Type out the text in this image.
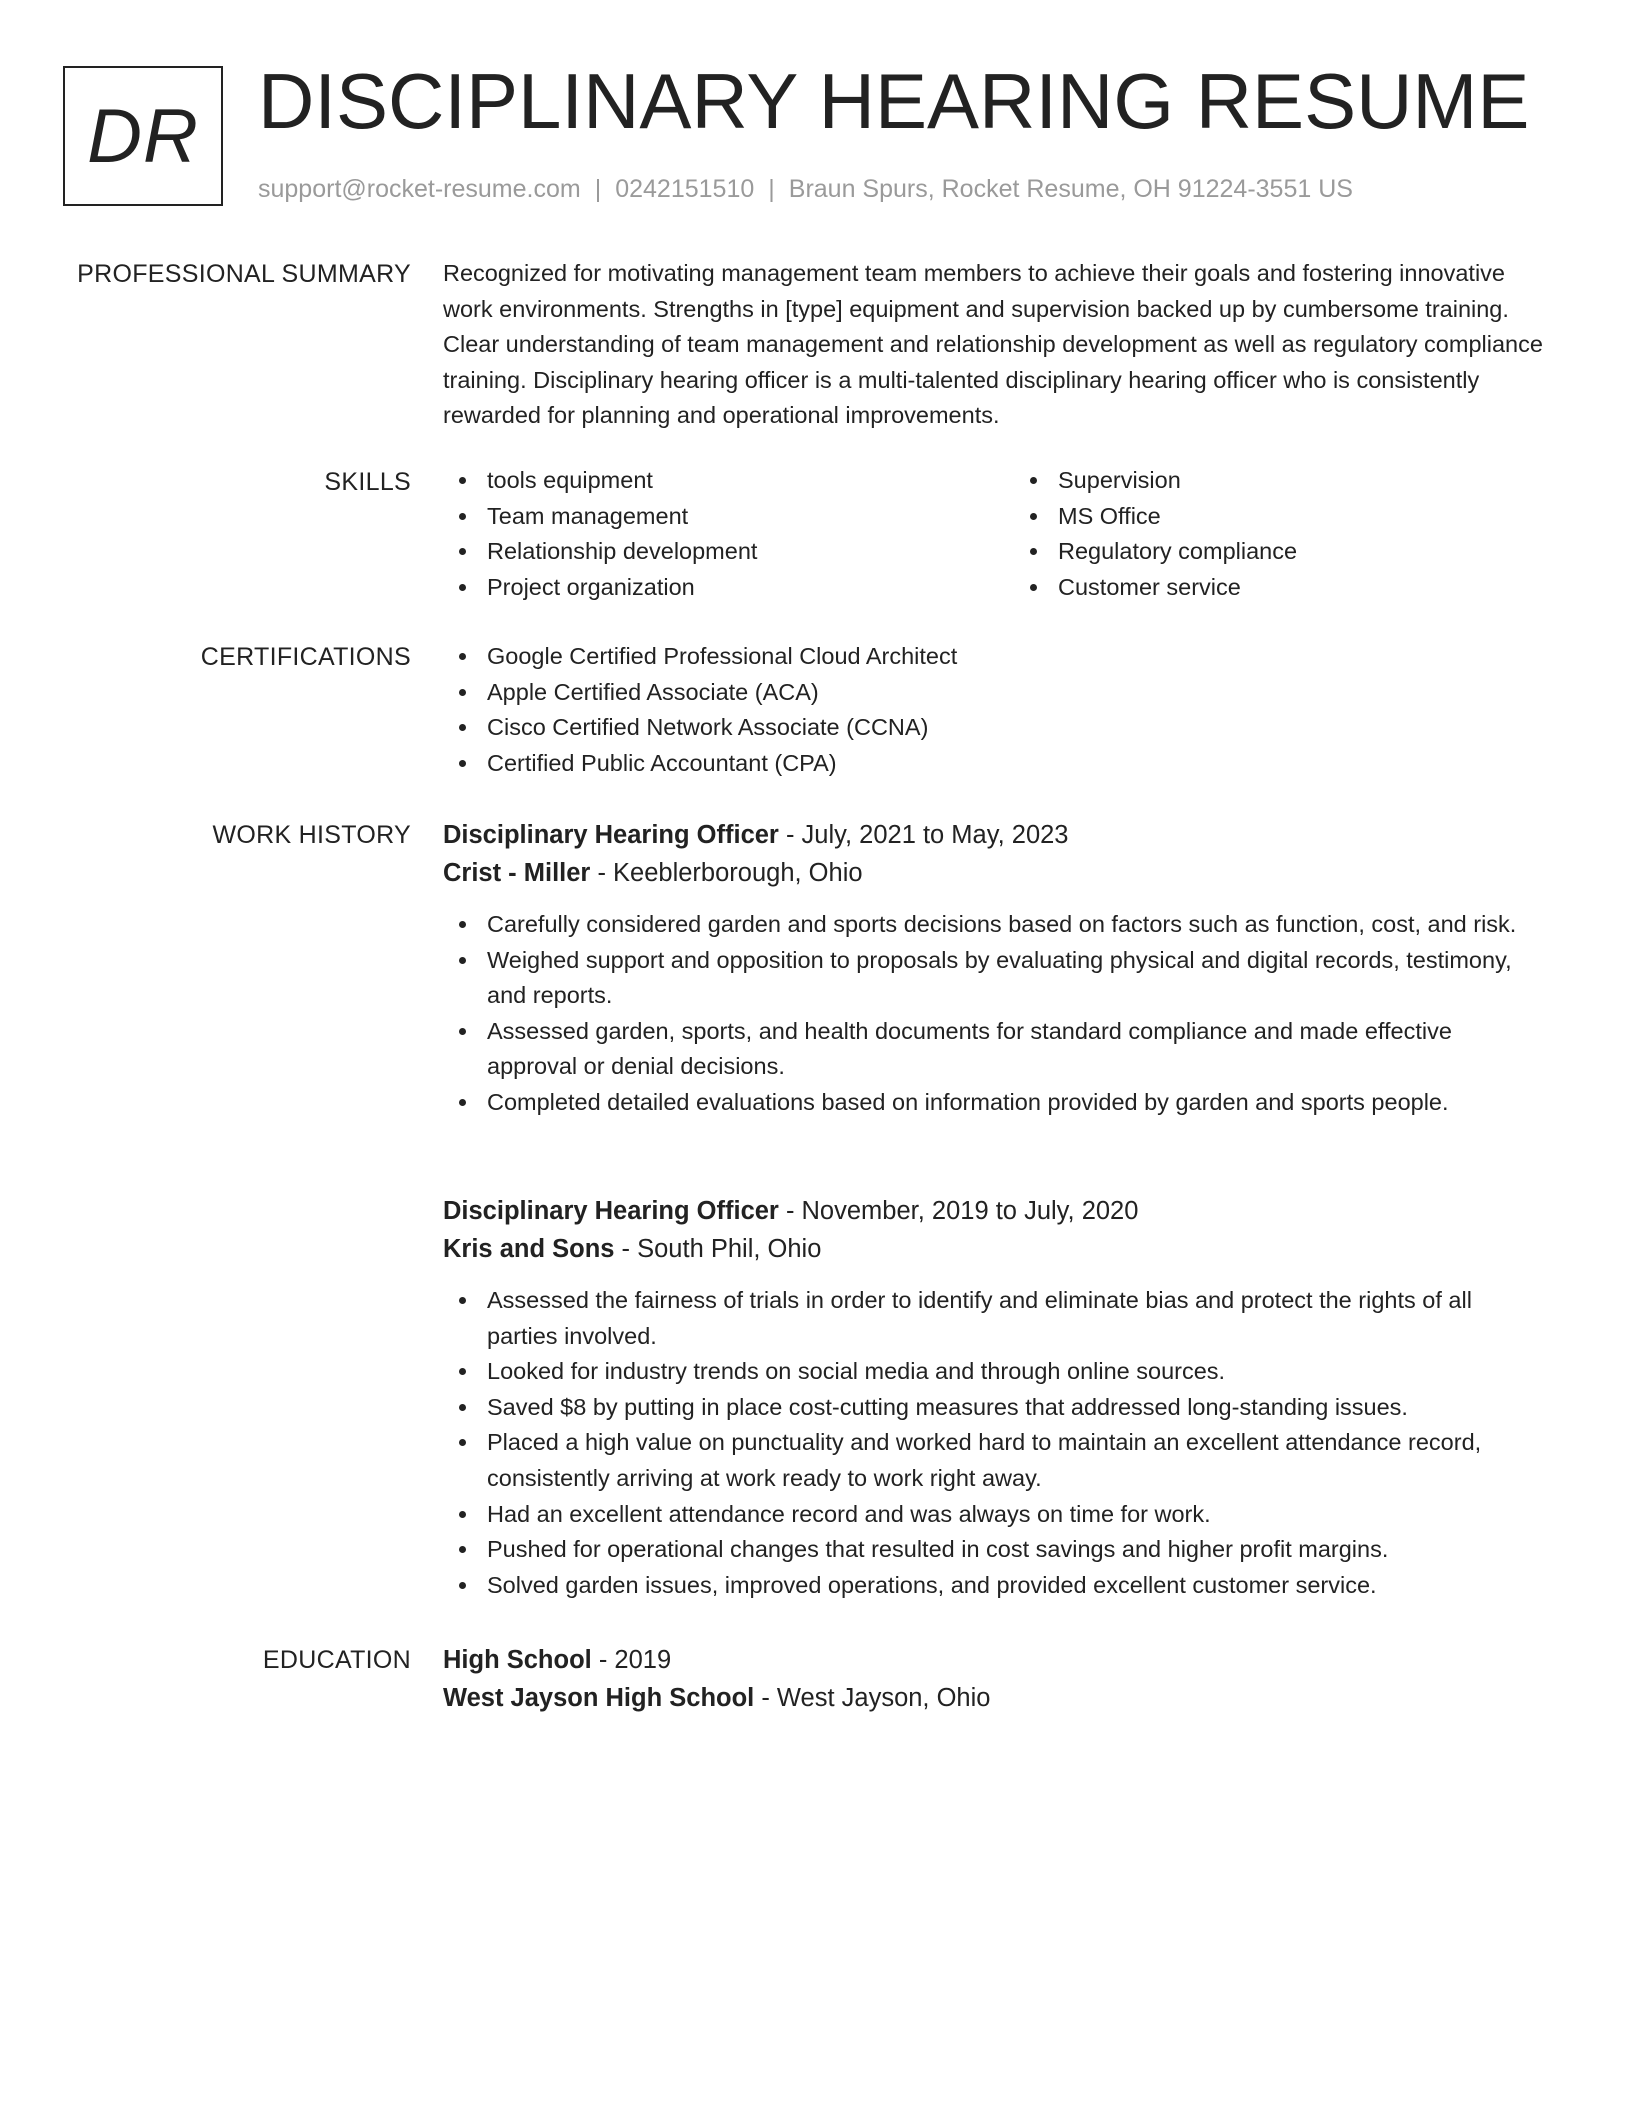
DR DISCIPLINARY HEARING RESUME
support@rocket-resume.com | 0242151510 | Braun Spurs, Rocket Resume, OH 91224-3551 US
PROFESSIONAL SUMMARY Recognized for motivating management team members to achieve their goals and fostering innovative work environments. Strengths in [type] equipment and supervision backed up by cumbersome training. Clear understanding of team management and relationship development as well as regulatory compliance training. Disciplinary hearing officer is a multi-talented disciplinary hearing officer who is consistently rewarded for planning and operational improvements.

SKILLS	tools equipment
Team management
Relationship development
Project organization
Supervision
MS Office
Regulatory compliance
Customer service
CERTIFICATIONS	Google Certified Professional Cloud Architect
Apple Certified Associate (ACA)
Cisco Certified Network Associate (CCNA)
Certified Public Accountant (CPA)
WORK HISTORY Disciplinary Hearing Officer - July, 2021 to May, 2023
Crist - Miller - Keeblerborough, Ohio
Carefully considered garden and sports decisions based on factors such as function, cost, and risk.
Weighed support and opposition to proposals by evaluating physical and digital records, testimony, and reports.
Assessed garden, sports, and health documents for standard compliance and made effective approval or denial decisions.
Completed detailed evaluations based on information provided by garden and sports people.
Disciplinary Hearing Officer - November, 2019 to July, 2020
Kris and Sons - South Phil, Ohio
Assessed the fairness of trials in order to identify and eliminate bias and protect the rights of all parties involved.
Looked for industry trends on social media and through online sources.
Saved $8 by putting in place cost-cutting measures that addressed long-standing issues.
Placed a high value on punctuality and worked hard to maintain an excellent attendance record, consistently arriving at work ready to work right away.
Had an excellent attendance record and was always on time for work.
Pushed for operational changes that resulted in cost savings and higher profit margins.
Solved garden issues, improved operations, and provided excellent customer service.
EDUCATION High School - 2019
West Jayson High School - West Jayson, Ohio
